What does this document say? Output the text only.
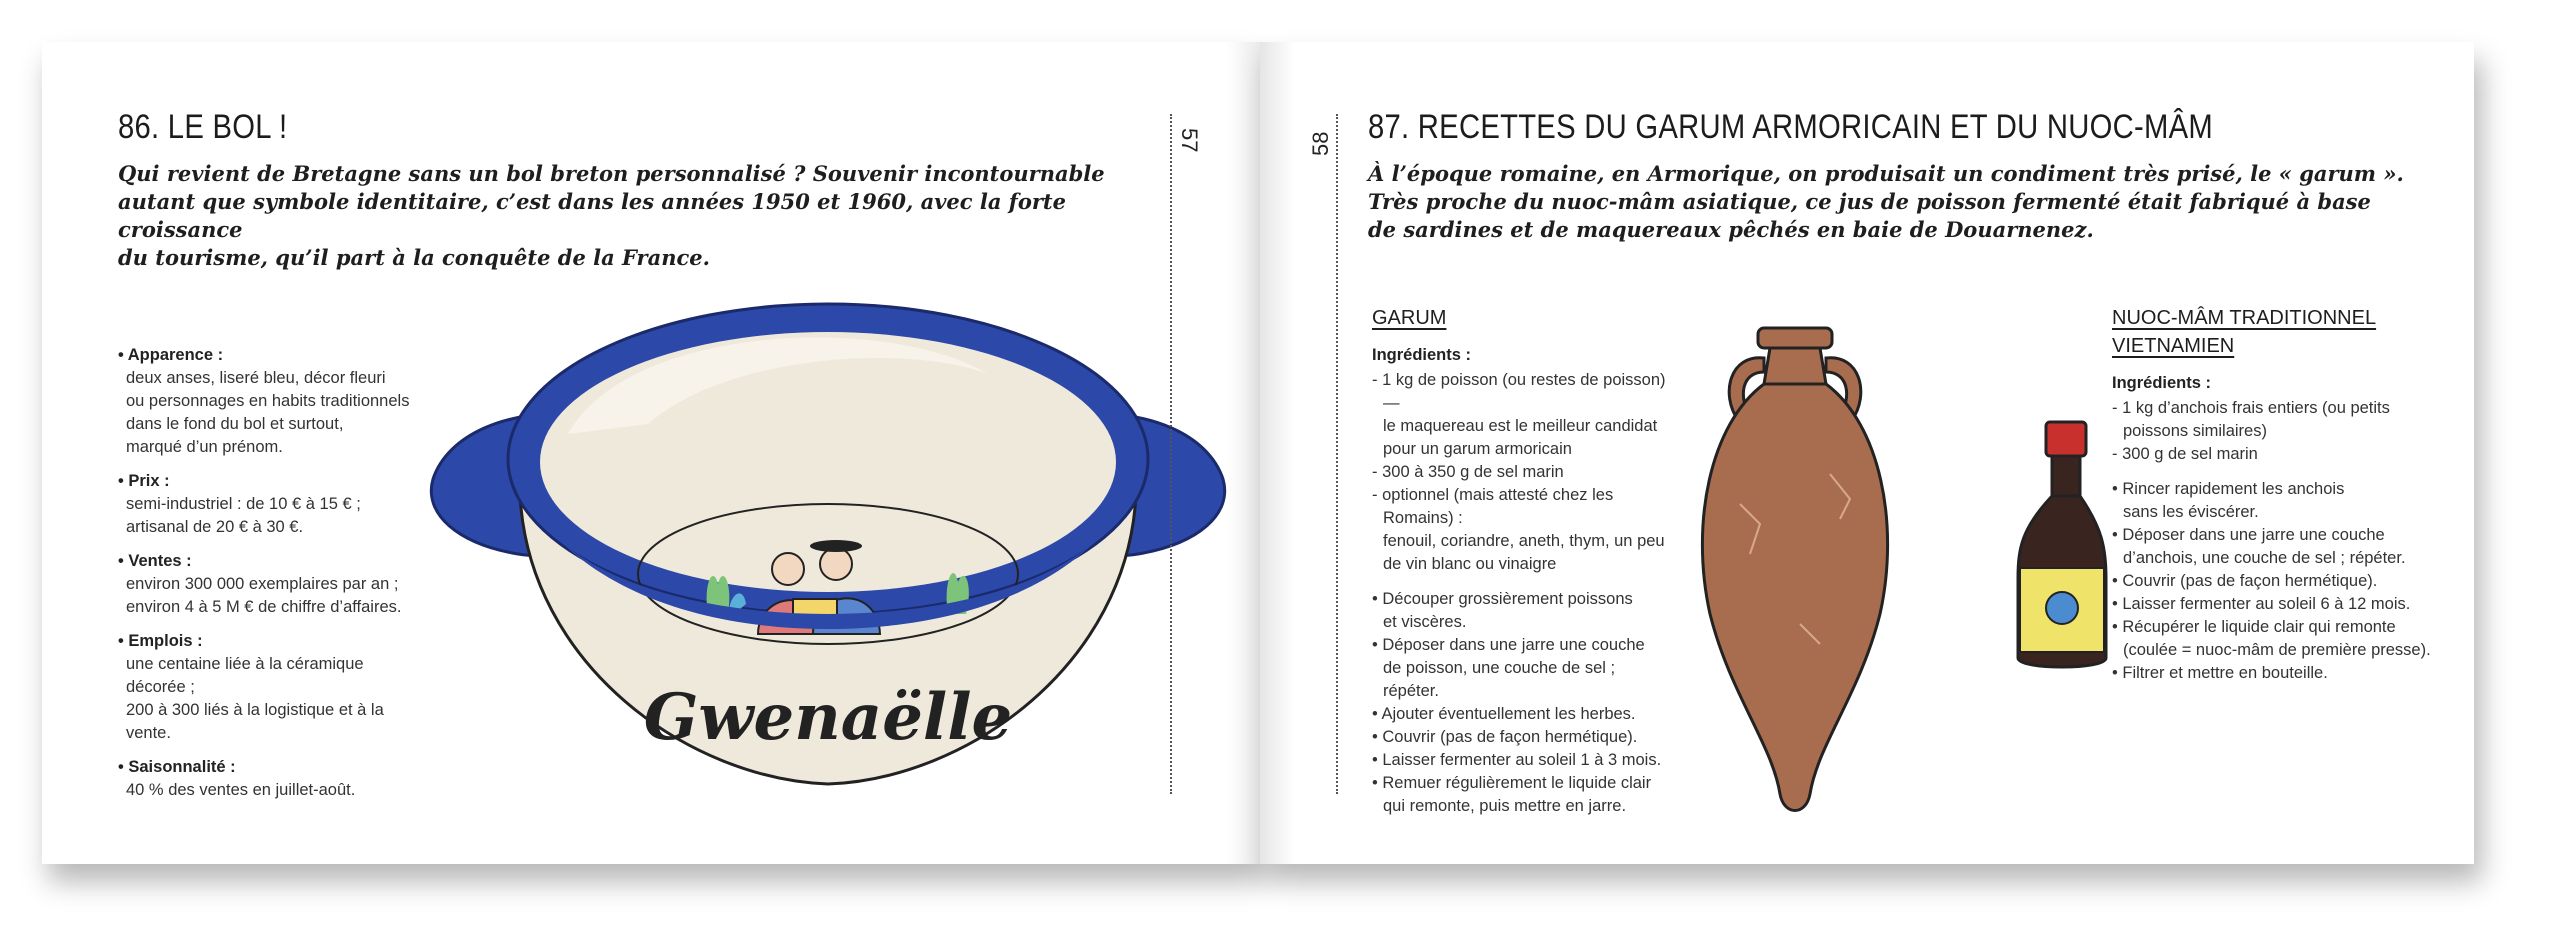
86. LE BOL !

Qui revient de Bretagne sans un bol breton personnalisé ? Souvenir incontournable
autant que symbole identitaire, c’est dans les années 1950 et 1960, avec la forte croissance
du tourisme, qu’il part à la conquête de la France.

• Apparence :
deux anses, liseré bleu, décor fleuri
ou personnages en habits traditionnels
dans le fond du bol et surtout,
marqué d’un prénom.
• Prix :
semi-industriel : de 10 € à 15 € ;
artisanal de 20 € à 30 €.
• Ventes :
environ 300 000 exemplaires par an ;
environ 4 à 5 M € de chiffre d’affaires.
• Emplois :
une centaine liée à la céramique décorée ;
200 à 300 liés à la logistique et à la vente.
• Saisonnalité :
40 % des ventes en juillet-août.
Gwenaëlle
57	58 87. RECETTES DU GARUM ARMORICAIN ET DU NUOC-MÂM

À l’époque romaine, en Armorique, on produisait un condiment très prisé, le « garum ».
Très proche du nuoc-mâm asiatique, ce jus de poisson fermenté était fabriqué à base
de sardines et de maquereaux pêchés en baie de Douarnenez.

GARUM
Ingrédients :
- 1 kg de poisson (ou restes de poisson) —
le maquereau est le meilleur candidat
pour un garum armoricain
- 300 à 350 g de sel marin
- optionnel (mais attesté chez les Romains) :
fenouil, coriandre, aneth, thym, un peu
de vin blanc ou vinaigre
• Découper grossièrement poissons
et viscères.
• Déposer dans une jarre une couche
de poisson, une couche de sel ; répéter.
• Ajouter éventuellement les herbes.
• Couvrir (pas de façon hermétique).
• Laisser fermenter au soleil 1 à 3 mois.
• Remuer régulièrement le liquide clair
qui remonte, puis mettre en jarre.
NUOC-MÂM TRADITIONNEL
VIETNAMIEN
Ingrédients :
- 1 kg d’anchois frais entiers (ou petits
poissons similaires)
- 300 g de sel marin
• Rincer rapidement les anchois
sans les éviscérer.
• Déposer dans une jarre une couche
d’anchois, une couche de sel ; répéter.
• Couvrir (pas de façon hermétique).
• Laisser fermenter au soleil 6 à 12 mois.
• Récupérer le liquide clair qui remonte
(coulée = nuoc-mâm de première presse).
• Filtrer et mettre en bouteille.
